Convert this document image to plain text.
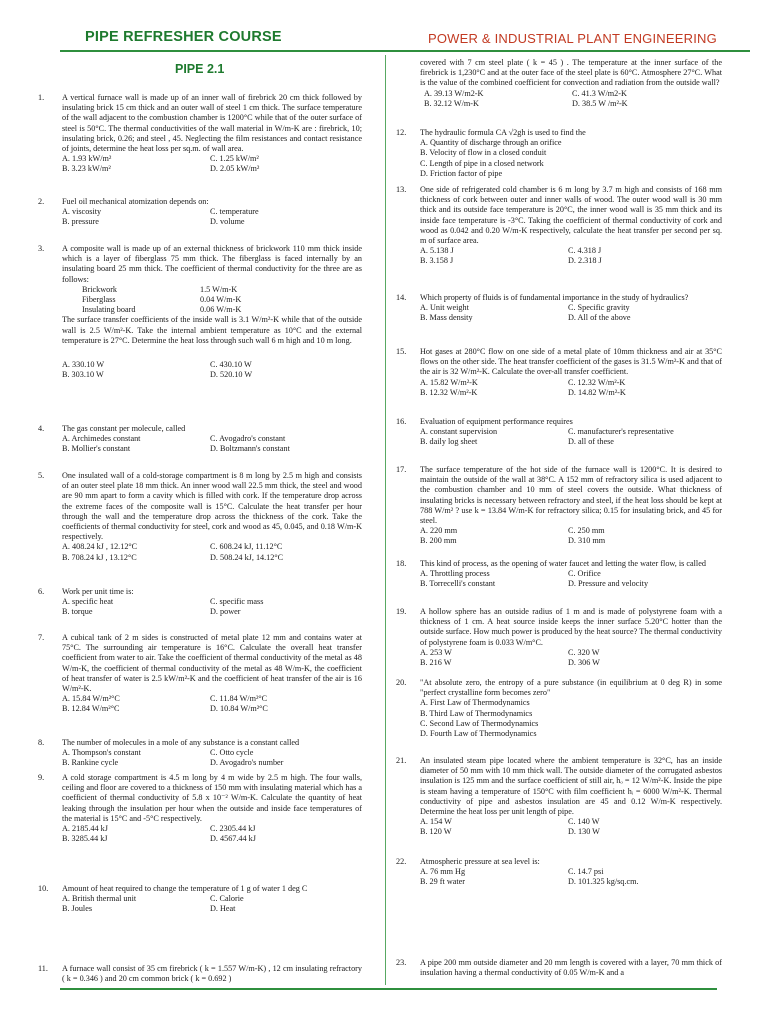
PIPE REFRESHER COURSE	POWER & INDUSTRIAL PLANT ENGINEERING
PIPE 2.1	covered with 7 cm steel plate ( k = 45 ) . The temperature at the inner surface of the firebrick is 1,230°C and at the outer face of the steel plate is 60°C. Atmosphere 27°C. What is the value of the combined coefficient for convection and radiation from the outside wall?
A. 39.13 W/m2-K	C. 41.3 W/m2-K
B. 32.12 W/m-K	D. 38.5 W /m²-K
1. A vertical furnace wall is made up of an inner wall of firebrick 20 cm thick followed by insulating brick 15 cm thick and an outer wall of steel 1 cm thick. The surface temperature of the wall adjacent to the combustion chamber is 1200°C while that of the outer surface of steel is 50°C. The thermal conductivities of the wall material in W/m-K are : firebrick, 10; insulating brick, 0.26; and steel , 45. Neglecting the film resistances and contact resistance of joints, determine the heat loss per sq.m. of wall area.
A. 1.93 kW/m²	C. 1.25 kW/m²
B. 3.23 kW/m²	D. 2.05 kW/m²
2. Fuel oil mechanical atomization depends on:
A. viscosity	C. temperature
B. pressure	D. volume
3. A composite wall is made up of an external thickness of brickwork 110 mm thick inside which is a layer of fiberglass 75 mm thick. The fiberglass is faced internally by an insulating board 25 mm thick. The coefficient of thermal conductivity for the three are as follows:
Brickwork	1.5 W/m-K
Fiberglass	0.04 W/m-K
Insulating board	0.06 W/m-K
The surface transfer coefficients of the inside wall is 3.1 W/m²-K while that of the outside wall is 2.5 W/m²-K. Take the internal ambient temperature as 10°C and the external temperature is 27°C. Determine the heat loss through such wall 6 m high and 10 m long.
A. 330.10 W	C. 430.10 W
B. 303.10 W	D. 520.10 W
4. The gas constant per molecule, called
A. Archimedes constant	C. Avogadro's constant
B. Mollier's constant	D. Boltzmann's constant
5. One insulated wall of a cold-storage compartment is 8 m long by 2.5 m high and consists of an outer steel plate 18 mm thick. An inner wood wall 22.5 mm thick, the steel and wood are 90 mm apart to form a cavity which is filled with cork. If the temperature drop across the extreme faces of the composite wall is 15°C. Calculate the heat transfer per hour through the wall and the temperature drop across the thickness of the cork. Take the coefficients of thermal conductivity for steel, cork and wood as 45, 0.045, and 0.18 W/m-K respectively.
A. 408.24 kJ , 12.12°C	C. 608.24 kJ, 11.12°C
B. 708.24 kJ , 13.12°C	D. 508.24 kJ, 14.12°C
6. Work per unit time is:
A. specific heat	C. specific mass
B. torque	D. power
7. A cubical tank of 2 m sides is constructed of metal plate 12 mm and contains water at 75°C. The surrounding air temperature is 16°C. Calculate the overall heat transfer coefficient from water to air. Take the coefficient of thermal conductivity of the metal as 48 W/m-K, the coefficient of thermal conductivity of the metal as 48 W/m-K, the coefficient of heat transfer of water is 2.5 kW/m²-K and the coefficient of heat transfer of the air is 16 W/m²-K.
A. 15.84 W/m²°C	C. 11.84 W/m²°C
B. 12.84 W/m²°C	D. 10.84 W/m²°C
8. The number of molecules in a mole of any substance is a constant called
A. Thompson's constant	C. Otto cycle
B. Rankine cycle	D. Avogadro's number
9. A cold storage compartment is 4.5 m long by 4 m wide by 2.5 m high. The four walls, ceiling and floor are covered to a thickness of 150 mm with insulating material which has a coefficient of thermal conductivity of 5.8 x 10⁻² W/m-K. Calculate the quantity of heat leaking through the insulation per hour when the outside and inside face temperatures of the material is 15°C and -5°C respectively.
A. 2185.44 kJ	C. 2305.44 kJ
B. 3285.44 kJ	D. 4567.44 kJ
10. Amount of heat required to change the temperature of 1 g of water 1 deg C
A. British thermal unit	C. Calorie
B. Joules	D. Heat
11. A furnace wall consist of 35 cm firebrick ( k = 1.557 W/m-K) , 12 cm insulating refractory ( k = 0.346 ) and 20 cm common brick ( k = 0.692 )
12. The hydraulic formula CA √2gh is used to find the
A. Quantity of discharge through an orifice
B. Velocity of flow in a closed conduit
C. Length of pipe in a closed network
D. Friction factor of pipe
13. One side of refrigerated cold chamber is 6 m long by 3.7 m high and consists of 168 mm thickness of cork between outer and inner walls of wood. The outer wood wall is 30 mm thick and its outside face temperature is 20°C, the inner wood wall is 35 mm thick and its inside face temperature is -3°C. Taking the coefficient of thermal conductivity of cork and wood as 0.042 and 0.20 W/m-K respectively, calculate the heat transfer per second per sq. m of surface area.
A. 5.138 J	C. 4.318 J
B. 3.158 J	D. 2.318 J
14. Which property of fluids is of fundamental importance in the study of hydraulics?
A. Unit weight	C. Specific gravity
B. Mass density	D. All of the above
15. Hot gases at 280°C flow on one side of a metal plate of 10mm thickness and air at 35°C flows on the other side. The heat transfer coefficient of the gases is 31.5 W/m²-K and that of the air is 32 W/m²-K. Calculate the over-all transfer coefficient.
A. 15.82 W/m²-K	C. 12.32 W/m²-K
B. 12.32 W/m²-K	D. 14.82 W/m²-K
16. Evaluation of equipment performance requires
A. constant supervision	C. manufacturer's representative
B. daily log sheet	D. all of these
17. The surface temperature of the hot side of the furnace wall is 1200°C. It is desired to maintain the outside of the wall at 38°C. A 152 mm of refractory silica is used adjacent to the combustion chamber and 10 mm of steel covers the outside. What thickness of insulating bricks is necessary between refractory and steel, if the heat loss should be kept at 788 W/m² ? use k = 13.84 W/m-K for refractory silica; 0.15 for insulating brick, and 45 for steel.
A. 220 mm	C. 250 mm
B. 200 mm	D. 310 mm
18. This kind of process, as the opening of water faucet and letting the water flow, is called
A. Throttling process	C. Orifice
B. Torrecelli's constant	D. Pressure and velocity
19. A hollow sphere has an outside radius of 1 m and is made of polystyrene foam with a thickness of 1 cm. A heat source inside keeps the inner surface 5.20°C hotter than the outside surface. How much power is produced by the heat source? The thermal conductivity of polystyrene foam is 0.033 W/m°C.
A. 253 W	C. 320 W
B. 216 W	D. 306 W
20. "At absolute zero, the entropy of a pure substance (in equilibrium at 0 deg R) in some "perfect crystalline form becomes zero"
A. First Law of Thermodynamics
B. Third Law of Thermodynamics
C. Second Law of Thermodynamics
D. Fourth Law of Thermodynamics
21. An insulated steam pipe located where the ambient temperature is 32°C, has an inside diameter of 50 mm with 10 mm thick wall. The outside diameter of the corrugated asbestos insulation is 125 mm and the surface coefficient of still air, hₒ = 12 W/m²-K. Inside the pipe is steam having a temperature of 150°C with film coefficient hᵢ = 6000 W/m²-K. Thermal conductivity of pipe and asbestos insulation are 45 and 0.12 W/m-K respectively. Determine the heat loss per unit length of pipe.
A. 154 W	C. 140 W
B. 120 W	D. 130 W
22. Atmospheric pressure at sea level is:
A. 76 mm Hg	C. 14.7 psi
B. 29 ft water	D. 101.325 kg/sq.cm.
23. A pipe 200 mm outside diameter and 20 mm length is covered with a layer, 70 mm thick of insulation having a thermal conductivity of 0.05 W/m-K and a
